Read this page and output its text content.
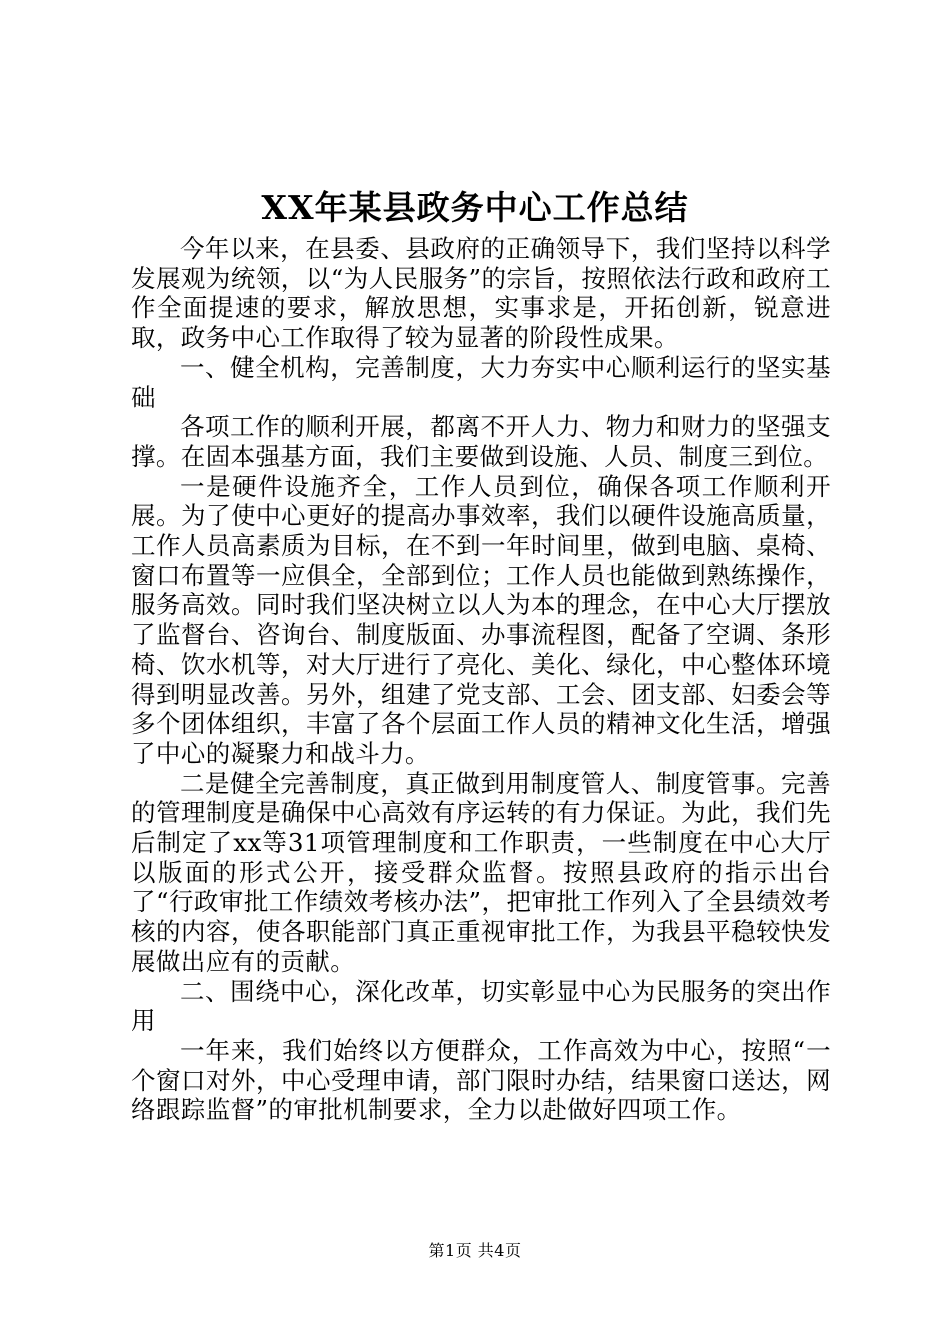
XX年某县政务中心工作总结

今年以来，在县委、县政府的正确领导下，我们坚持以科学发展观为统领，以“为人民服务”的宗旨，按照依法行政和政府工作全面提速的要求，解放思想，实事求是，开拓创新，锐意进取，政务中心工作取得了较为显著的阶段性成果。

一、健全机构，完善制度，大力夯实中心顺利运行的坚实基础

各项工作的顺利开展，都离不开人力、物力和财力的坚强支撑。在固本强基方面，我们主要做到设施、人员、制度三到位。

一是硬件设施齐全，工作人员到位，确保各项工作顺利开展。为了使中心更好的提高办事效率，我们以硬件设施高质量，工作人员高素质为目标，在不到一年时间里，做到电脑、桌椅、窗口布置等一应俱全，全部到位；工作人员也能做到熟练操作，服务高效。同时我们坚决树立以人为本的理念，在中心大厅摆放了监督台、咨询台、制度版面、办事流程图，配备了空调、条形椅、饮水机等，对大厅进行了亮化、美化、绿化，中心整体环境得到明显改善。另外，组建了党支部、工会、团支部、妇委会等多个团体组织，丰富了各个层面工作人员的精神文化生活，增强了中心的凝聚力和战斗力。

二是健全完善制度，真正做到用制度管人、制度管事。完善的管理制度是确保中心高效有序运转的有力保证。为此，我们先后制定了xx等31项管理制度和工作职责，一些制度在中心大厅以版面的形式公开，接受群众监督。按照县政府的指示出台了“行政审批工作绩效考核办法”，把审批工作列入了全县绩效考核的内容，使各职能部门真正重视审批工作，为我县平稳较快发展做出应有的贡献。

二、围绕中心，深化改革，切实彰显中心为民服务的突出作用

一年来，我们始终以方便群众，工作高效为中心，按照“一个窗口对外，中心受理申请，部门限时办结，结果窗口送达，网络跟踪监督”的审批机制要求，全力以赴做好四项工作。

第1页 共4页
